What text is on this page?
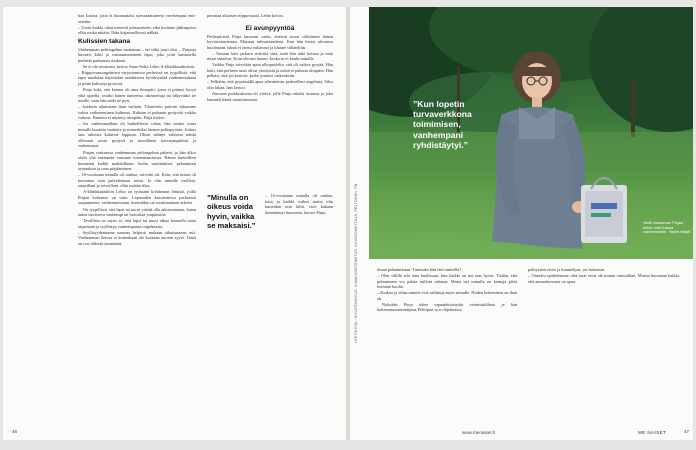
baa kotona, jotta ei huomattaisi stressaantuneeta van-hempaa entisestään.

– Usein kaikki rahat menivät pelaamiseen, eikä kotiinne jääkaapissa ollut ruoka niitäin. Näin kirjaimellisesti nälkää.

Kulissien takana

Vanhemman peliongelma tuottamaa – tai vähä jouri olisi – Pinjasta kuvaavi kiltti ja vastuuntuntoinen lapsi, joka yritti kannatella perhettä parhaansa mukaan.

Se ei ole tavatonta, kertoo Anne-Sofia Lehto A-klinikkasäätiöstä.

– Riippuvuusongelmien varjostamissa perheissä on tyypillistä, että lapsi muokkaa käytöstään saadakseen hyväksyntää vanhemmaltaan ja pitää kulisseja pystyssä.

Pinja koki, että kotona oli aina ilmapiiri, jossa ei pitänyt kysyä eikä ajatella, ovatko hänen tunteensa oikeutettuja tai näkyvätkö ne muille, vaan hän sulki ne pois.

– Joudutin aikuistuen liian varhain. Tilanvietto palveni sukumme vahva vaikeneminen kulttuuri. Kukaan ei puhunut pystyvää vaikka vaikeat. Puutetta ei näytetty ulospäin, Pinja kertoo.

– Jos vanhemmallani oli huikeilleesti rahaa, hän saattoi ostaa minulle kuusitia vaatteita ja esimerkiksi hienon polkupyörän. Joskus taas rahoista kuluivat loppuun. Olisin nähnyt vahtavat näistä ollessani aivan pystyvä ja turvallinen kasvuympäristö ja vanhemmat.

Pinjan varttuessa vanhemman peliongelma paheni, ja hän alkoi säröä yhä enemmän vastuuta toimentamisesta. Hänen harteilleen kasaantui kaikki mahdollinen: kodin vaatimukset, pelaamisen seuraukset ja oma pärjääminen.

– 16-vuotiaana minulla oli rankaa, vatvotin oli. Koin, että minut oli kasvattaa vain palvelemaan toisia. Ja olin minulle itselleni, tarpeillani ja toiveillani, ollut mitään tilaa.

A-klinikkasäätiön Lehto on työssään kohdannut ihmisiä, joilla Pinjan kokemus on tuttu. Lapsuuden kasvattaessa perheessä suojanneena, vanhemmissaan, itsenstäkin tai suorittaminen arkeen.

On tyypillistä, että lapsi tai nuori yrittää olla aikuistamatta, kuten tukea tarvitseva vanhempi tai hoivattaa ympäristöä.

Tavallista on myös se, että lapsi tai nuori alkaa luomalla omia tarpeitaan ja syyllistyy vanhempansa ongelmasta.

– Syyllisyydentunne suureaa helposti mukaan aikuisuuteen asti. Vanhemman ikävaa ei kuitenkaan ole koskaan nuoren syytä. Tämä on tosi tärkeää ymmärtää.

perustaa aikuisen riippuvuutta, Lehto kertoo.

Ei avunpyyntöä

Perhepiirissä Pinja huomasi usein, etteivät muut välittäneet hänen hyvinvoinnistaan. Muistan tulevaisuudesta. Kun hän kertoi olevansa huolissaan, häntä ei otettu vakavasti ja tilanne vähäteltiin.

– Vastaan kävi jatkuva ristiriita siitä, mitä hän näki kotona ja mitä muut sanoivat. Koin olevani huono, koska se ei kuulu minulle.

Vaikka Pinja toivoikin apua ulkopuolelta, sitä oli vaikea pyytää. Hän koki, että perheen asiat olivat yksityisiä ja niistä ei puhuttu ulospäin. Hän pelkäsi, että jos kertoisi, perhe joutuisi vaikeuksiin.

– Pelkäsin, että pyytämällä apua aiheuttaisin perheelleni ongelmia. Siksi olin hiljaa, hän kertoo.

Ainoana poikkeuksena oli ystävä, jolle Pinja uskalsi avautua ja joka kuunteli häntä tuomitsematta.

”Minulla on oikeus voida hyvin, vaikka se maksaisi.”

– 16-vuotiaana minulla oli rankaa, tuttu ja kaikki vaikea mutta olin kuitenkin niin kiltti, ettei kukaan kiinnittänyt huomiota, kertoo Pinja.

46
”Kun lopetin turvaverkkona toimimisen, vanhempani ryhdistäytyi.”
Vielä muutaman Pinjan tekee mieli sanoa vanhemmalle, "Kyllin riittää".
LEHTIKUVA / KUVATOIMITUS: ILMAKUVATOIMITUS, KUVATOIMITTAJA: PELTONEN, FB	ilman pelaamistaan. Tuntuuko hän tätä tunteella?

– Olen välillä silti aina huolissani, kun kaikki on nyt taas hyvin. Tiedän, että pelaaminen voi palata milloin tahansa. Mutta nyt minulla on keinoja pitää itsestäni huolta.

– Kiukua ja vihaa tunteet ovat sallittuja myös minulle. Niiden kokeminen on ihan ok.

Nykyään Pinja tekee vapaaehtoistyötä vertaistukihssa ja hän kokemusasiantuntijana Peliripari ry:n ohjelmassa.

pelityytteä etsisi ja kuuntelijaa, jos haluaisin.

– Onneksi opittelemme, että asiat eivät ole minun vastuullani. Muista huomaan kaikki, että ammattiavusta on apua.

47
www.menaiset.fi	ME NAISET
